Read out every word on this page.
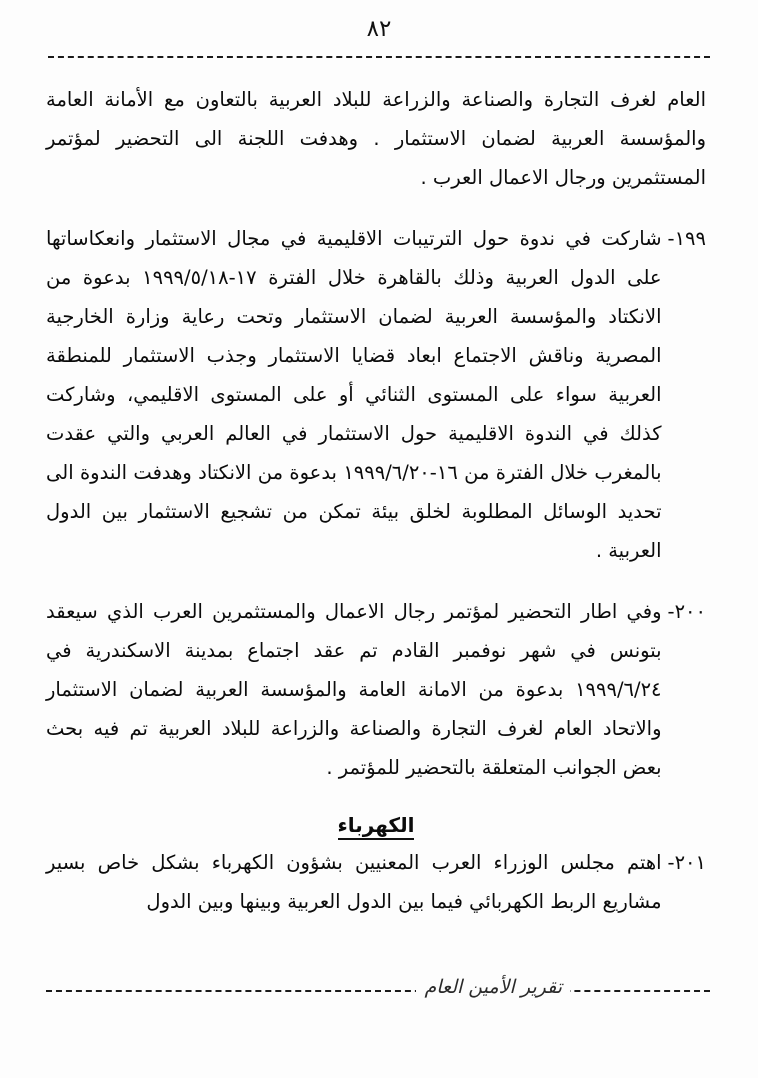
٨٢
العام لغرف التجارة والصناعة والزراعة للبلاد العربية بالتعاون مع الأمانة العامة والمؤسسة العربية لضمان الاستثمار . وهدفت اللجنة الى التحضير لمؤتمر المستثمرين ورجال الاعمال العرب .
١٩٩-
شاركت في ندوة حول الترتيبات الاقليمية في مجال الاستثمار وانعكاساتها على الدول العربية وذلك بالقاهرة خلال الفترة ١٧-١٩٩٩/٥/١٨ بدعوة من الانكتاد والمؤسسة العربية لضمان الاستثمار وتحت رعاية وزارة الخارجية المصرية وناقش الاجتماع ابعاد قضايا الاستثمار وجذب الاستثمار للمنطقة العربية سواء على المستوى الثنائي أو على المستوى الاقليمي، وشاركت كذلك في الندوة الاقليمية حول الاستثمار في العالم العربي والتي عقدت بالمغرب خلال الفترة من ١٦-١٩٩٩/٦/٢٠ بدعوة من الانكتاد وهدفت الندوة الى تحديد الوسائل المطلوبة لخلق بيئة تمكن من تشجيع الاستثمار بين الدول العربية .
٢٠٠-
وفي اطار التحضير لمؤتمر رجال الاعمال والمستثمرين العرب الذي سيعقد بتونس في شهر نوفمبر القادم تم عقد اجتماع بمدينة الاسكندرية في ١٩٩٩/٦/٢٤ بدعوة من الامانة العامة والمؤسسة العربية لضمان الاستثمار والاتحاد العام لغرف التجارة والصناعة والزراعة للبلاد العربية تم فيه بحث بعض الجوانب المتعلقة بالتحضير للمؤتمر .
الكهرباء
٢٠١-
اهتم مجلس الوزراء العرب المعنيين بشؤون الكهرباء بشكل خاص بسير مشاريع الربط الكهربائي فيما بين الدول العربية وبينها وبين الدول
تقرير الأمين العام
